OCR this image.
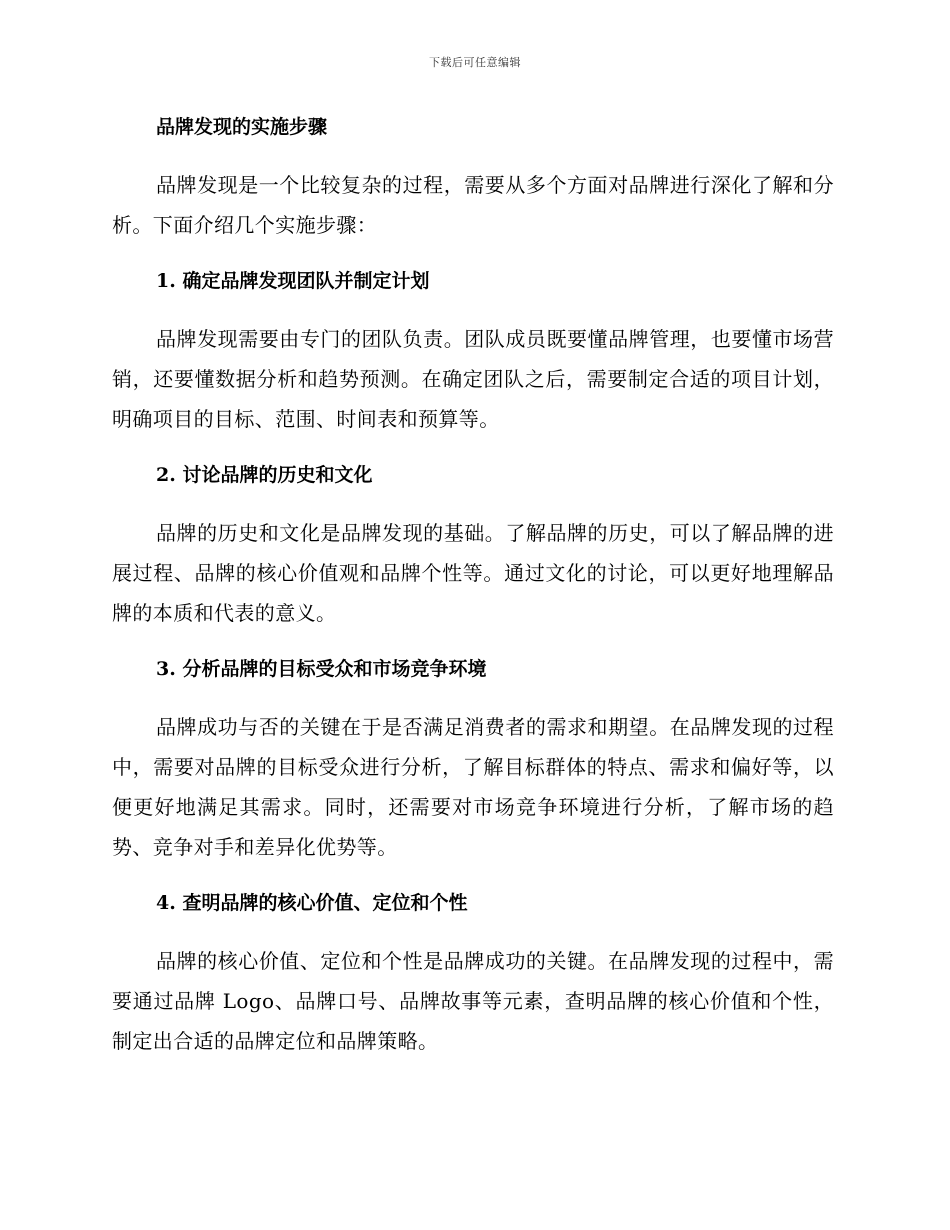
下载后可任意编辑
品牌发现的实施步骤

品牌发现是一个比较复杂的过程，需要从多个方面对品牌进行深化了解和分析。下面介绍几个实施步骤：

1. 确定品牌发现团队并制定计划

品牌发现需要由专门的团队负责。团队成员既要懂品牌管理，也要懂市场营销，还要懂数据分析和趋势预测。在确定团队之后，需要制定合适的项目计划，明确项目的目标、范围、时间表和预算等。

2. 讨论品牌的历史和文化

品牌的历史和文化是品牌发现的基础。了解品牌的历史，可以了解品牌的进展过程、品牌的核心价值观和品牌个性等。通过文化的讨论，可以更好地理解品牌的本质和代表的意义。

3. 分析品牌的目标受众和市场竞争环境

品牌成功与否的关键在于是否满足消费者的需求和期望。在品牌发现的过程中，需要对品牌的目标受众进行分析，了解目标群体的特点、需求和偏好等，以便更好地满足其需求。同时，还需要对市场竞争环境进行分析，了解市场的趋势、竞争对手和差异化优势等。

4. 查明品牌的核心价值、定位和个性

品牌的核心价值、定位和个性是品牌成功的关键。在品牌发现的过程中，需要通过品牌 Logo、品牌口号、品牌故事等元素，查明品牌的核心价值和个性，制定出合适的品牌定位和品牌策略。
